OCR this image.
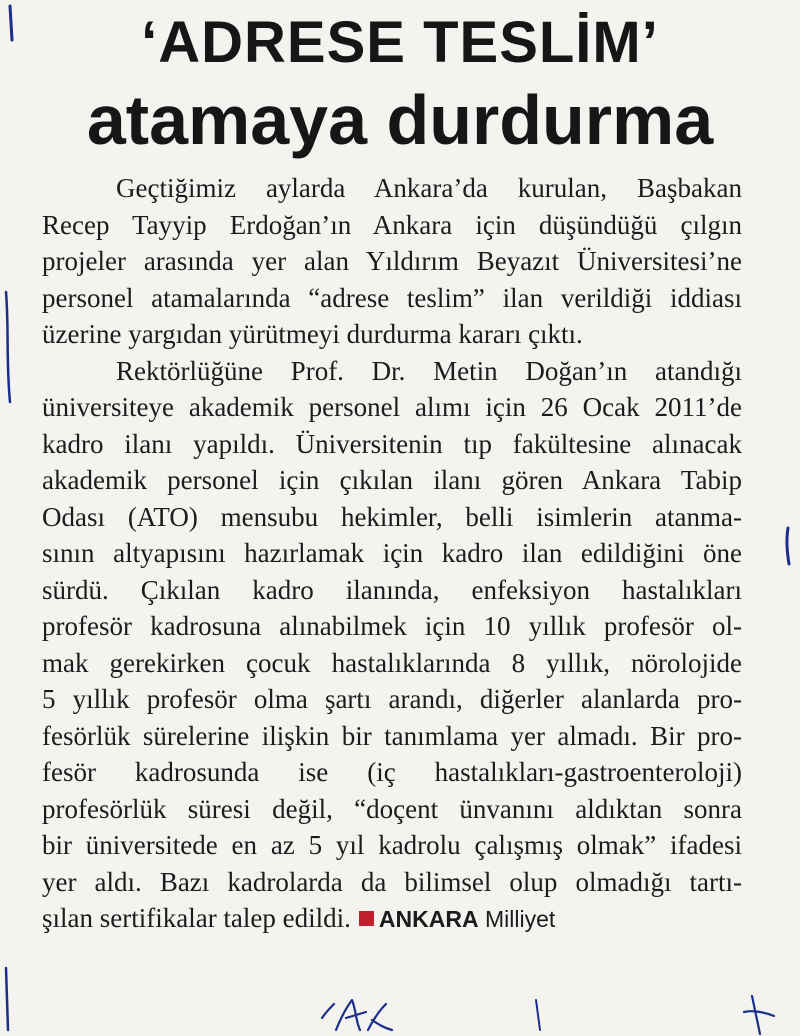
‘ADRESE TESLİM’
atamaya durdurma
Geçtiğimiz aylarda Ankara’da kurulan, Başbakan
Recep Tayyip Erdoğan’ın Ankara için düşündüğü çılgın
projeler arasında yer alan Yıldırım Beyazıt Üniversitesi’ne
personel atamalarında “adrese teslim” ilan verildiği iddiası
üzerine yargıdan yürütmeyi durdurma kararı çıktı.
Rektörlüğüne Prof. Dr. Metin Doğan’ın atandığı
üniversiteye akademik personel alımı için 26 Ocak 2011’de
kadro ilanı yapıldı. Üniversitenin tıp fakültesine alınacak
akademik personel için çıkılan ilanı gören Ankara Tabip
Odası (ATO) mensubu hekimler, belli isimlerin atanma-
sının altyapısını hazırlamak için kadro ilan edildiğini öne
sürdü. Çıkılan kadro ilanında, enfeksiyon hastalıkları
profesör kadrosuna alınabilmek için 10 yıllık profesör ol-
mak gerekirken çocuk hastalıklarında 8 yıllık, nörolojide
5 yıllık profesör olma şartı arandı, diğerler alanlarda pro-
fesörlük sürelerine ilişkin bir tanımlama yer almadı. Bir pro-
fesör kadrosunda ise (iç hastalıkları-gastroenteroloji)
profesörlük süresi değil, “doçent ünvanını aldıktan sonra
bir üniversitede en az 5 yıl kadrolu çalışmış olmak” ifadesi
yer aldı. Bazı kadrolarda da bilimsel olup olmadığı tartı-
şılan sertifikalar talep edildi. ANKARA Milliyet
